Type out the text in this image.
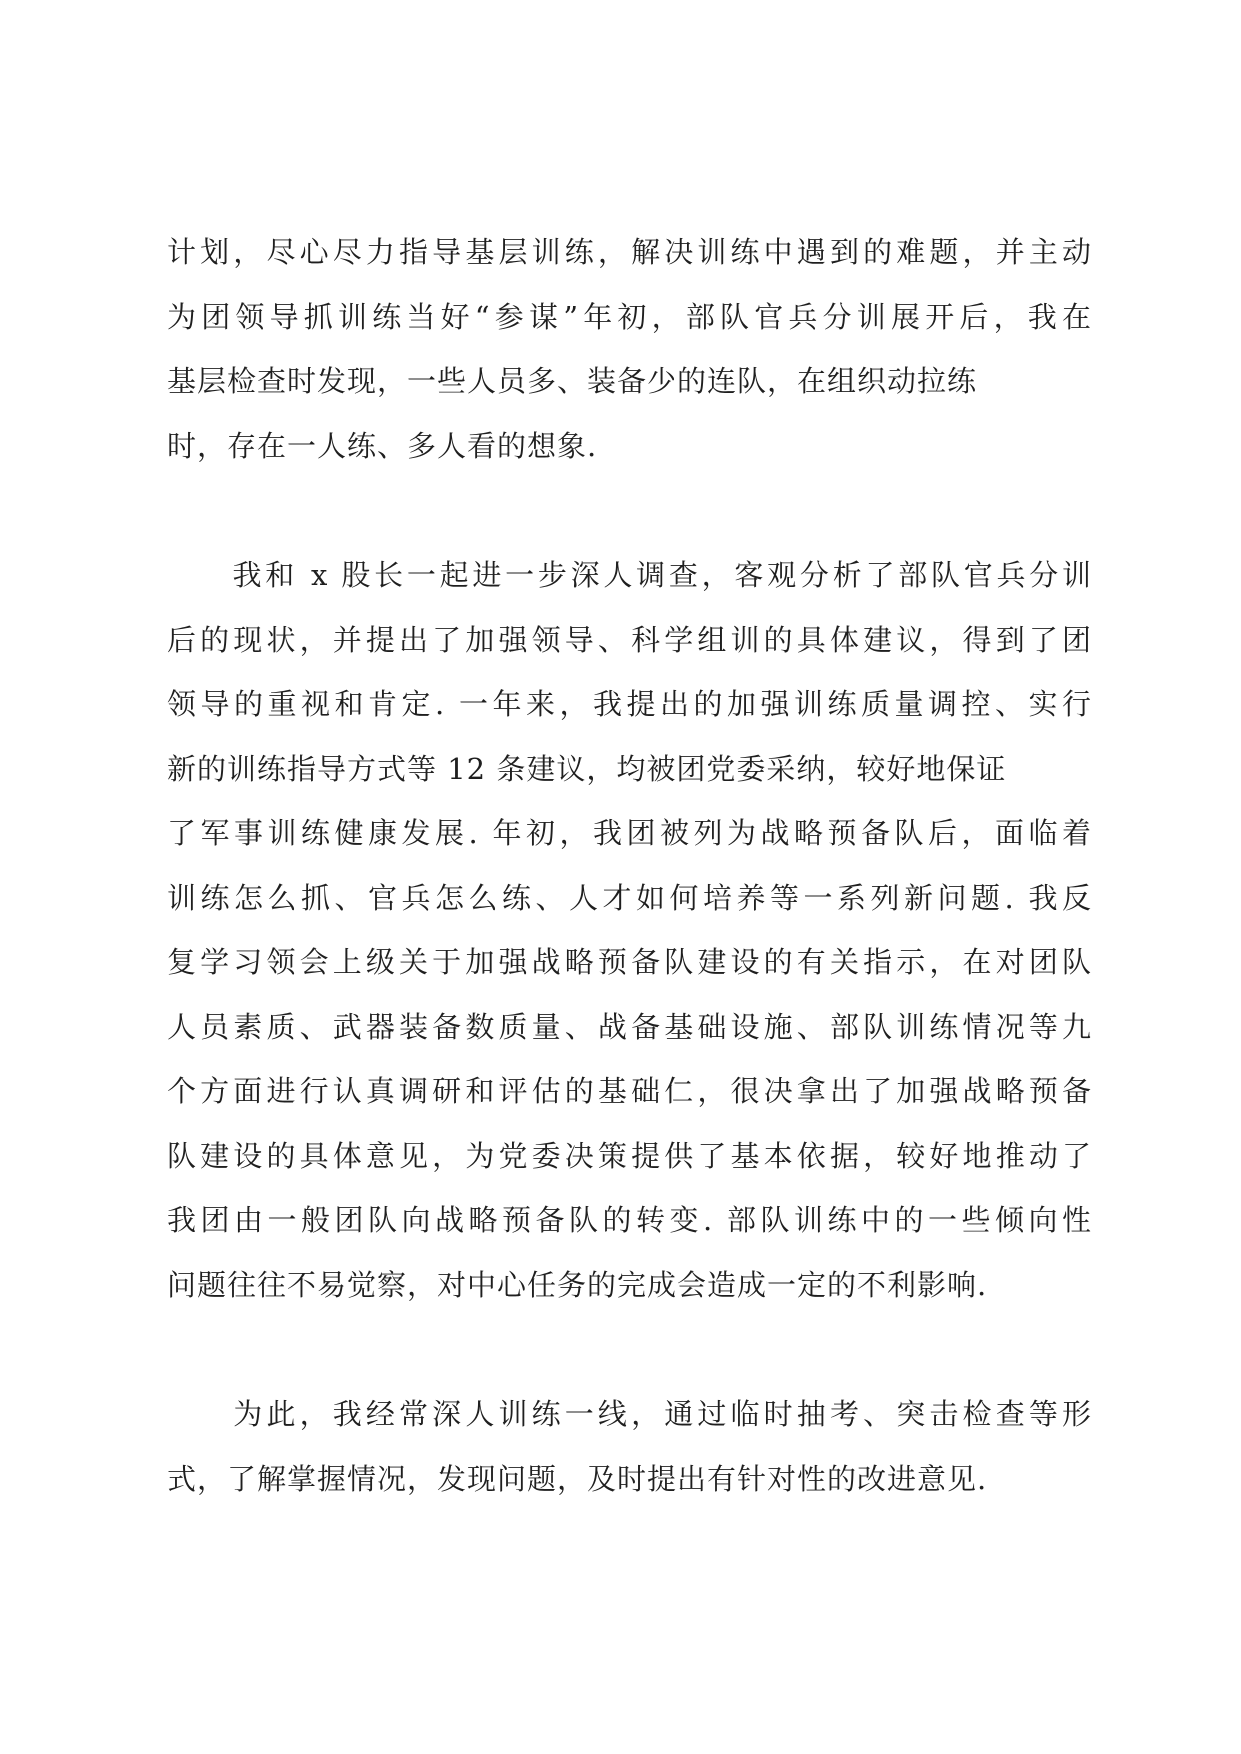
计划，尽心尽力指导基层训练，解决训练中遇到的难题，并主动
为团领导抓训练当好“参谋”年初，部队官兵分训展开后，我在
基层检查时发现，一些人员多、装备少的连队，在组织动拉练
时，存在一人练、多人看的想象.

　　我和 x 股长一起进一步深人调查，客观分析了部队官兵分训
后的现状，并提出了加强领导、科学组训的具体建议，得到了团
领导的重视和肯定. 一年来，我提出的加强训练质量调控、实行
新的训练指导方式等 12 条建议，均被团党委采纳，较好地保证
了军事训练健康发展. 年初，我团被列为战略预备队后，面临着
训练怎么抓、官兵怎么练、人才如何培养等一系列新问题. 我反
复学习领会上级关于加强战略预备队建设的有关指示，在对团队
人员素质、武器装备数质量、战备基础设施、部队训练情况等九
个方面进行认真调研和评估的基础仁，很决拿出了加强战略预备
队建设的具体意见，为党委决策提供了基本依据，较好地推动了
我团由一般团队向战略预备队的转变. 部队训练中的一些倾向性
问题往往不易觉察，对中心任务的完成会造成一定的不利影响.

　　为此，我经常深人训练一线，通过临时抽考、突击检查等形
式，了解掌握情况，发现问题，及时提出有针对性的改进意见.
